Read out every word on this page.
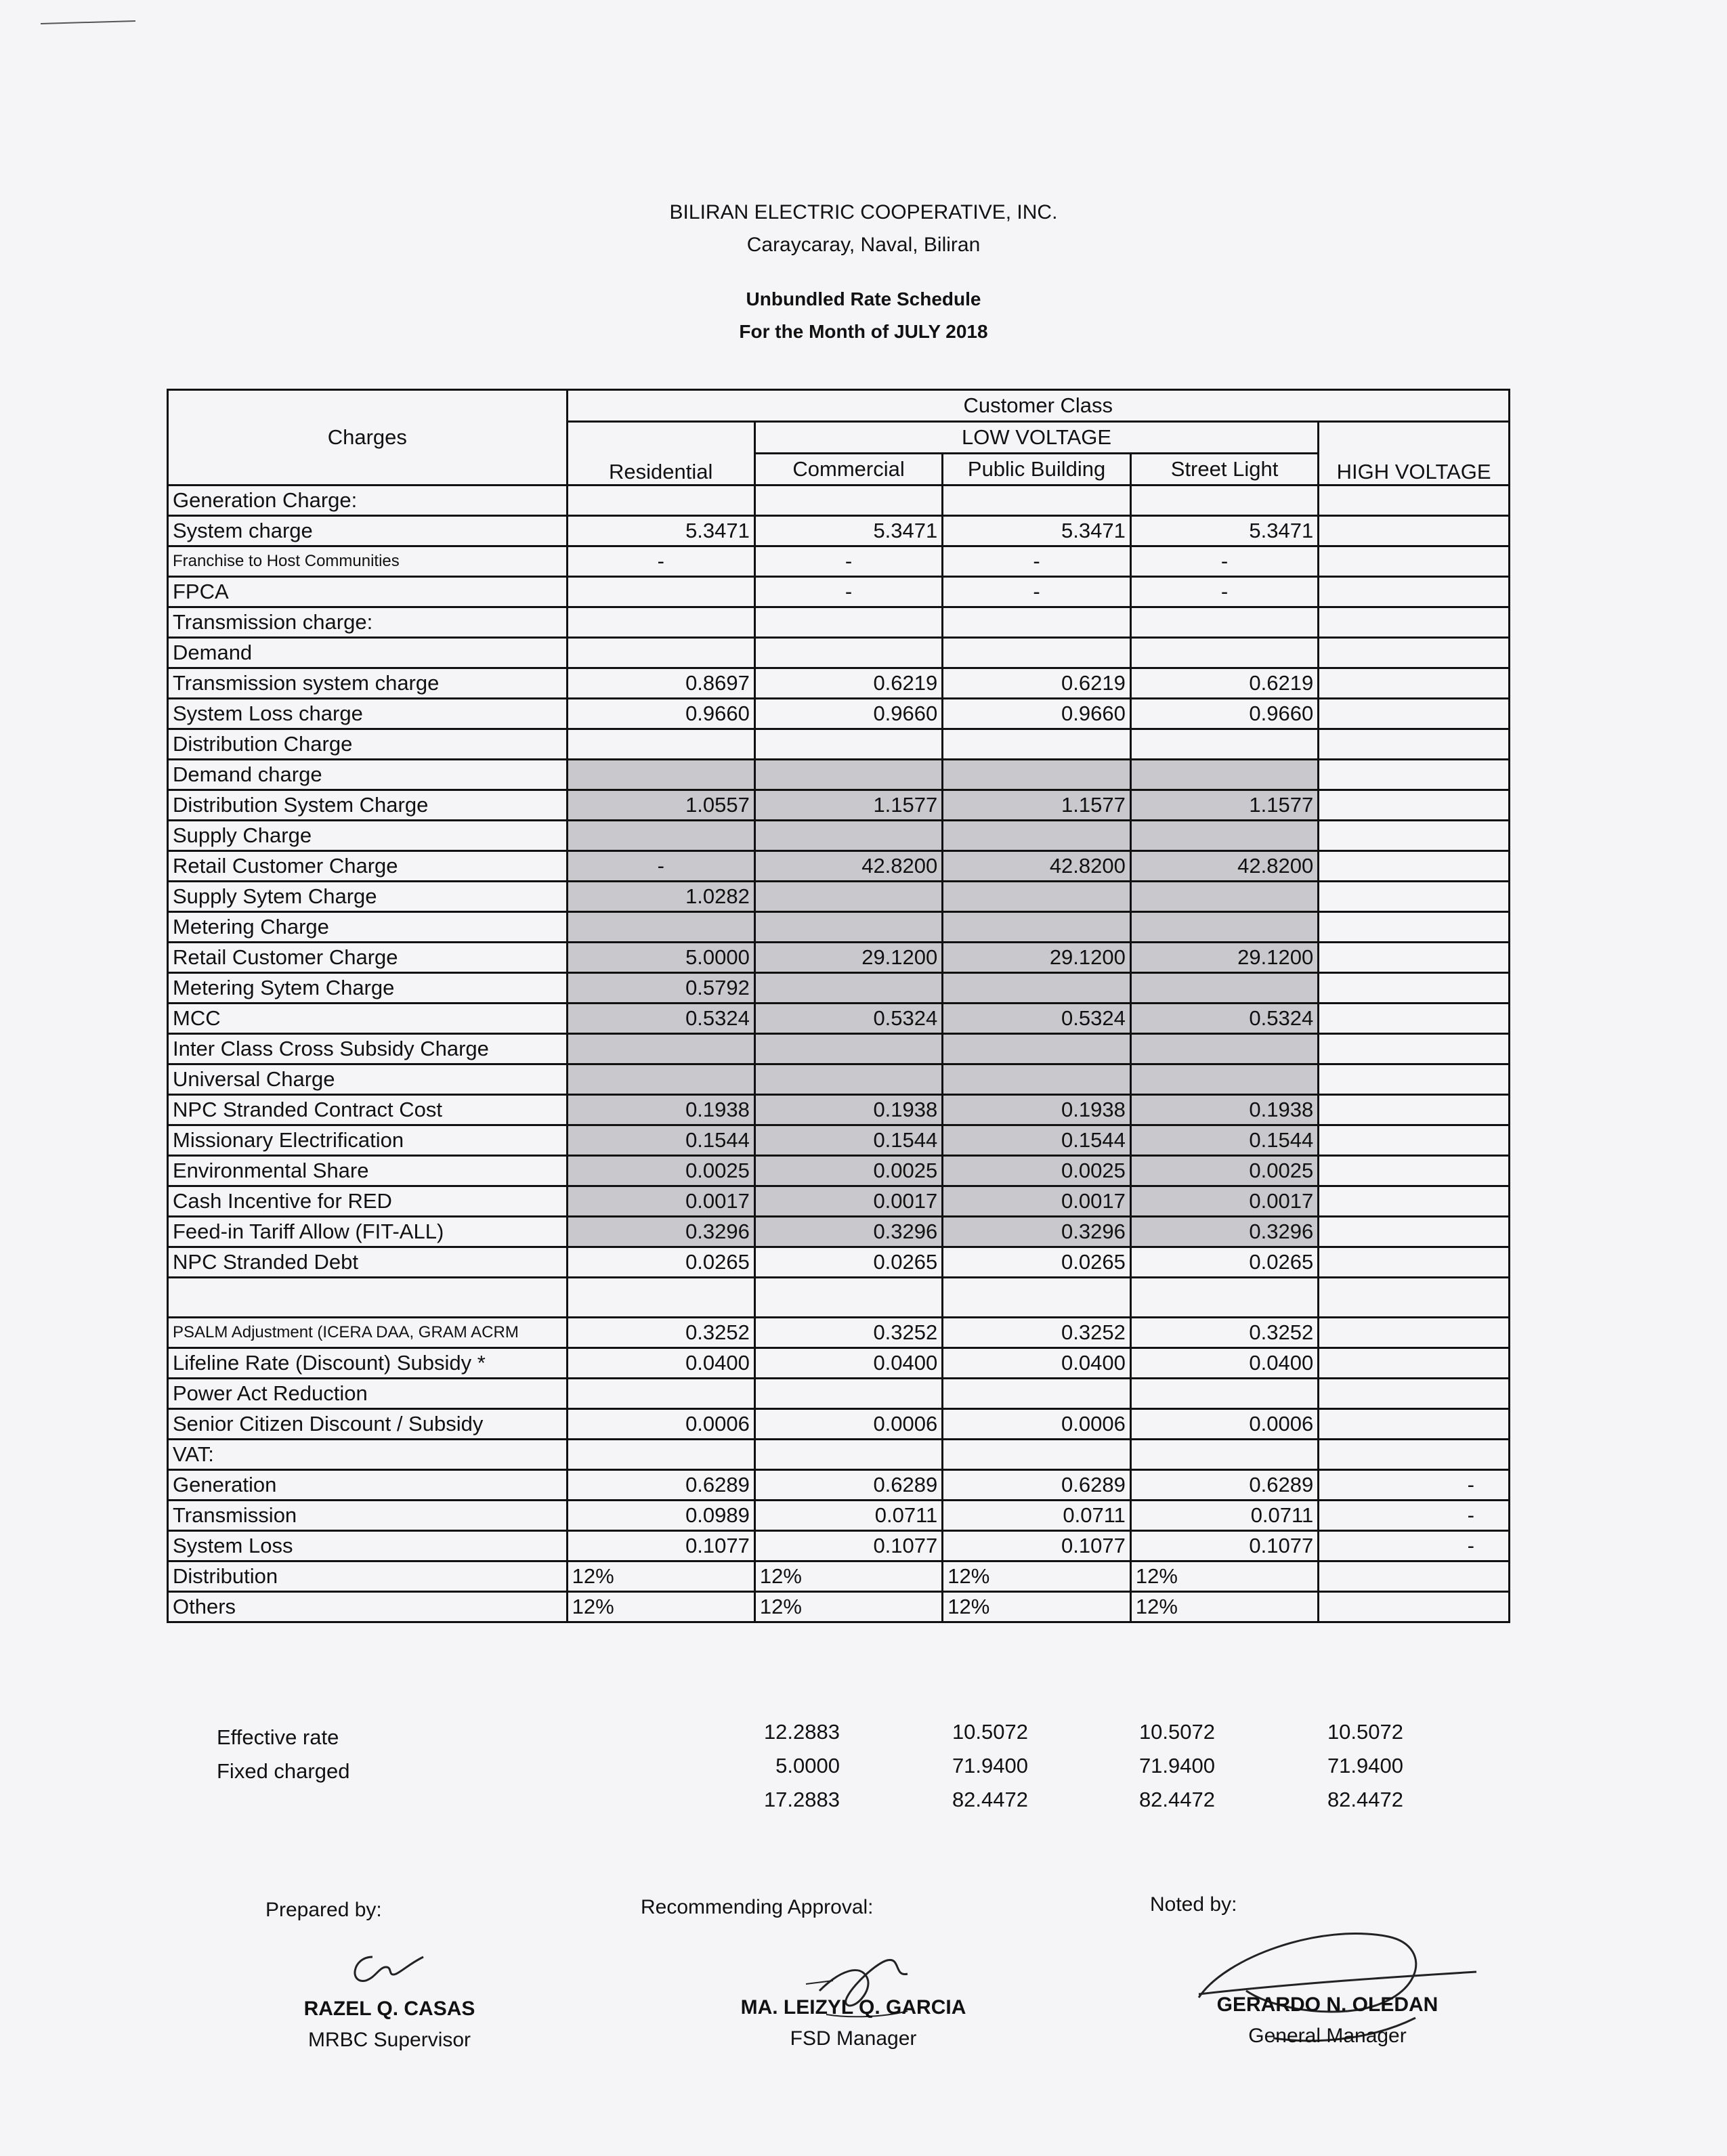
BILIRAN ELECTRIC COOPERATIVE, INC.
Caraycaray, Naval, Biliran
Unbundled Rate Schedule
For the Month of JULY 2018
Charges	Customer Class				
	Residential	LOW VOLTAGE			HIGH VOLTAGE
		Commercial	Public Building	Street Light	
Generation Charge:					
System charge	5.3471	5.3471	5.3471	5.3471	
Franchise to Host Communities	-	-	-	-	
FPCA		-	-	-	
Transmission charge:					
Demand					
Transmission system charge	0.8697	0.6219	0.6219	0.6219	
System Loss charge	0.9660	0.9660	0.9660	0.9660	
Distribution Charge					
Demand charge					
Distribution System Charge	1.0557	1.1577	1.1577	1.1577	
Supply Charge					
Retail Customer Charge	-	42.8200	42.8200	42.8200	
Supply Sytem Charge	1.0282				
Metering Charge					
Retail Customer Charge	5.0000	29.1200	29.1200	29.1200	
Metering Sytem Charge	0.5792				
MCC	0.5324	0.5324	0.5324	0.5324	
Inter Class Cross Subsidy Charge					
Universal Charge					
NPC Stranded Contract Cost	0.1938	0.1938	0.1938	0.1938	
Missionary Electrification	0.1544	0.1544	0.1544	0.1544	
Environmental Share	0.0025	0.0025	0.0025	0.0025	
Cash Incentive for RED	0.0017	0.0017	0.0017	0.0017	
Feed-in Tariff Allow (FIT-ALL)	0.3296	0.3296	0.3296	0.3296	
NPC Stranded Debt	0.0265	0.0265	0.0265	0.0265	

PSALM Adjustment (ICERA DAA, GRAM ACRM	0.3252	0.3252	0.3252	0.3252	
Lifeline Rate (Discount) Subsidy *	0.0400	0.0400	0.0400	0.0400	
Power Act Reduction					
Senior Citizen Discount / Subsidy	0.0006	0.0006	0.0006	0.0006	
VAT:					
Generation	0.6289	0.6289	0.6289	0.6289	-
Transmission	0.0989	0.0711	0.0711	0.0711	-
System Loss	0.1077	0.1077	0.1077	0.1077	-
Distribution	12%	12%	12%	12%	
Others	12%	12%	12%	12%	
Effective rate	12.2883	10.5072	10.5072	10.5072
Fixed charged	5.0000	71.9400	71.9400	71.9400
17.2883	82.4472	82.4472	82.4472
Prepared by:
RAZEL Q. CASAS
MRBC Supervisor
Recommending Approval:
MA. LEIZYL Q. GARCIA
FSD Manager
Noted by:
GERARDO N. OLEDAN
General Manager
